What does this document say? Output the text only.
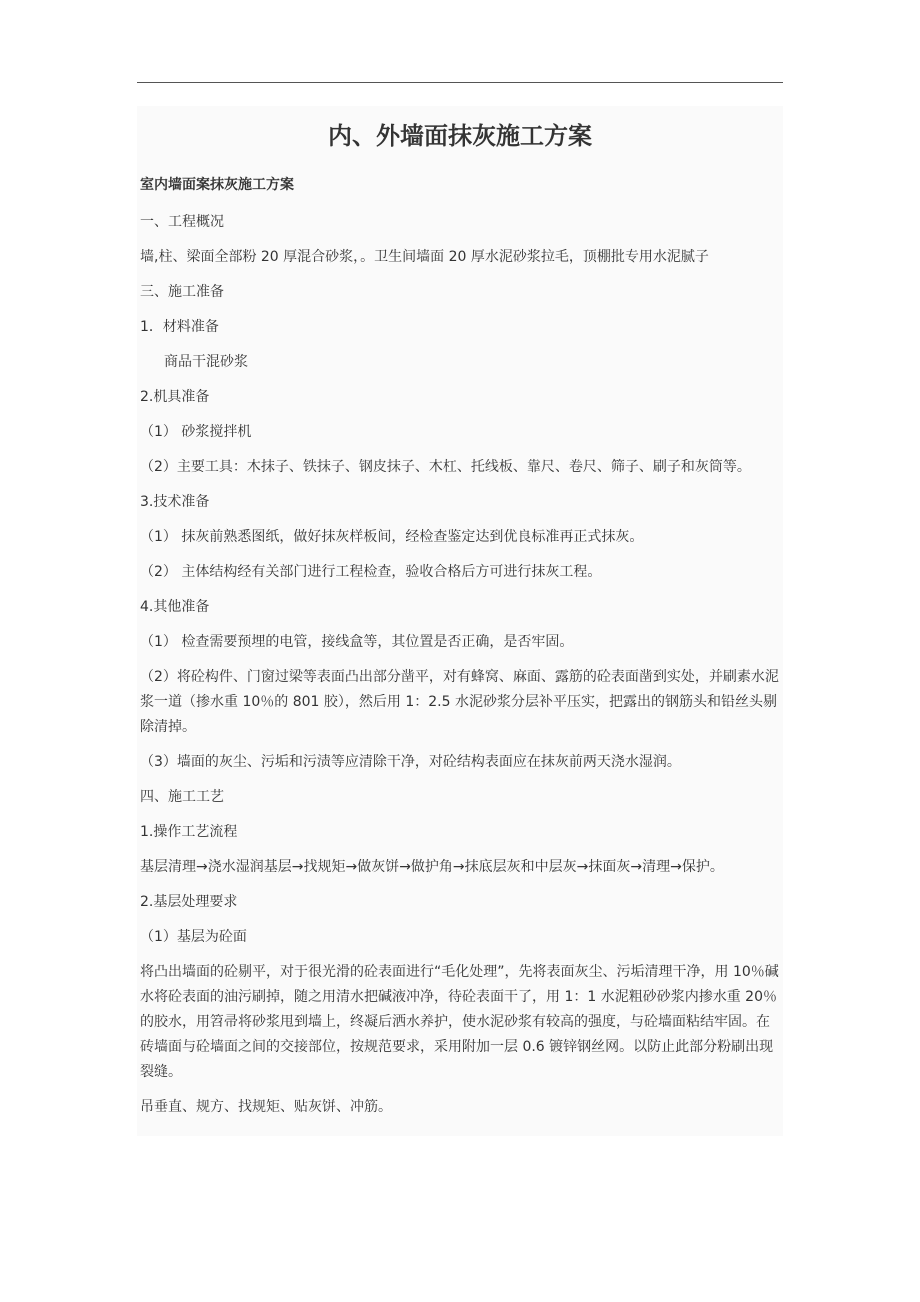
内、外墙面抹灰施工方案
室内墙面案抹灰施工方案
一、工程概况
墙,柱、梁面全部粉 20 厚混合砂浆，。卫生间墙面 20 厚水泥砂浆拉毛，顶棚批专用水泥腻子
三、施工准备
1．材料准备
商品干混砂浆
2.机具准备
（1） 砂浆搅拌机
（2）主要工具：木抹子、铁抹子、钢皮抹子、木杠、托线板、靠尺、卷尺、筛子、刷子和灰筒等。
3.技术准备
（1） 抹灰前熟悉图纸，做好抹灰样板间，经检查鉴定达到优良标准再正式抹灰。
（2） 主体结构经有关部门进行工程检查，验收合格后方可进行抹灰工程。
4.其他准备
（1） 检查需要预埋的电管，接线盒等，其位置是否正确，是否牢固。
（2）将砼构件、门窗过梁等表面凸出部分凿平，对有蜂窝、麻面、露筋的砼表面凿到实处，并刷素水泥浆一道（掺水重 10％的 801 胶），然后用 1：2.5 水泥砂浆分层补平压实，把露出的钢筋头和铅丝头剔除清掉。
（3）墙面的灰尘、污垢和污渍等应清除干净，对砼结构表面应在抹灰前两天浇水湿润。
四、施工工艺
1.操作工艺流程
基层清理→浇水湿润基层→找规矩→做灰饼→做护角→抹底层灰和中层灰→抹面灰→清理→保护。
2.基层处理要求
（1）基层为砼面
将凸出墙面的砼剔平，对于很光滑的砼表面进行“毛化处理”，先将表面灰尘、污垢清理干净，用 10％碱水将砼表面的油污刷掉，随之用清水把碱液冲净，待砼表面干了，用 1：1 水泥粗砂砂浆内掺水重 20％的胶水，用笤帚将砂浆甩到墙上，终凝后洒水养护，使水泥砂浆有较高的强度，与砼墙面粘结牢固。在砖墙面与砼墙面之间的交接部位，按规范要求，采用附加一层 0.6 镀锌钢丝网。以防止此部分粉刷出现裂缝。
吊垂直、规方、找规矩、贴灰饼、冲筋。
